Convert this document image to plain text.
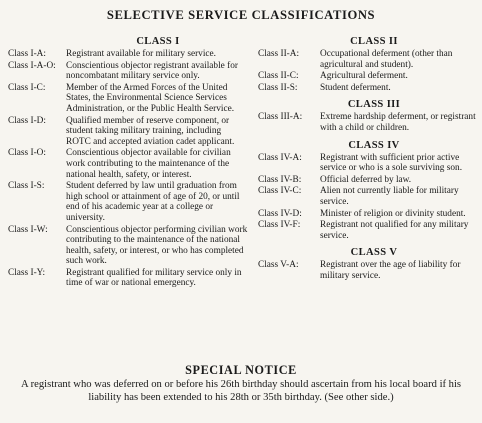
SELECTIVE SERVICE CLASSIFICATIONS
CLASS I
Class I-A:	Registrant available for military service.
Class I-A-O:	Conscientious objector registrant available for noncombatant military service only.
Class I-C:	Member of the Armed Forces of the United States, the Environmental Science Services Administration, or the Public Health Service.
Class I-D:	Qualified member of reserve component, or student taking military training, including ROTC and accepted aviation cadet applicant.
Class I-O:	Conscientious objector available for civilian work contributing to the maintenance of the national health, safety, or interest.
Class I-S:	Student deferred by law until graduation from high school or attainment of age of 20, or until end of his academic year at a college or university.
Class I-W:	Conscientious objector performing civilian work contributing to the maintenance of the national health, safety, or interest, or who has completed such work.
Class I-Y:	Registrant qualified for military service only in time of war or national emergency.
CLASS II
Class II-A:	Occupational deferment (other than agricultural and student).
Class II-C:	Agricultural deferment.
Class II-S:	Student deferment.
CLASS III
Class III-A:	Extreme hardship deferment, or registrant with a child or children.
CLASS IV
Class IV-A:	Registrant with sufficient prior active service or who is a sole surviving son.
Class IV-B:	Official deferred by law.
Class IV-C:	Alien not currently liable for military service.
Class IV-D:	Minister of religion or divinity student.
Class IV-F:	Registrant not qualified for any military service.
CLASS V
Class V-A:	Registrant over the age of liability for military service.
SPECIAL NOTICE
A registrant who was deferred on or before his 26th birthday should ascertain from his local board if his liability has been extended to his 28th or 35th birthday. (See other side.)
